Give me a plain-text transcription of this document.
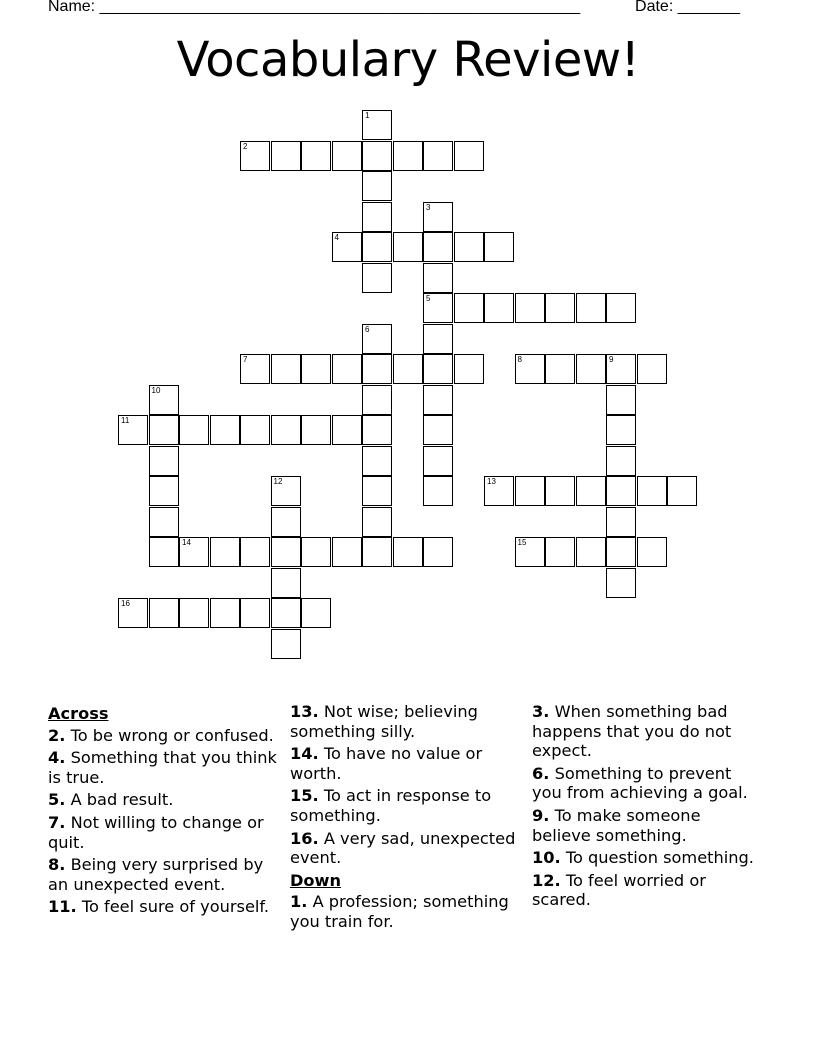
Name: ______________________________________________________	Date: _______
Vocabulary Review!
1
2
3
5
4
6
7	8	9
10
11
12	13
14	15
16
Across
2. To be wrong or confused.
4. Something that you think is true.
5. A bad result.
7. Not willing to change or quit.
8. Being very surprised by an unexpected event.
11. To feel sure of yourself.
13. Not wise; believing something silly.
14. To have no value or worth.
15. To act in response to something.
16. A very sad, unexpected event.
Down
1. A profession; something you train for.
3. When something bad happens that you do not expect.
6. Something to prevent you from achieving a goal.
9. To make someone believe something.
10. To question something.
12. To feel worried or scared.
